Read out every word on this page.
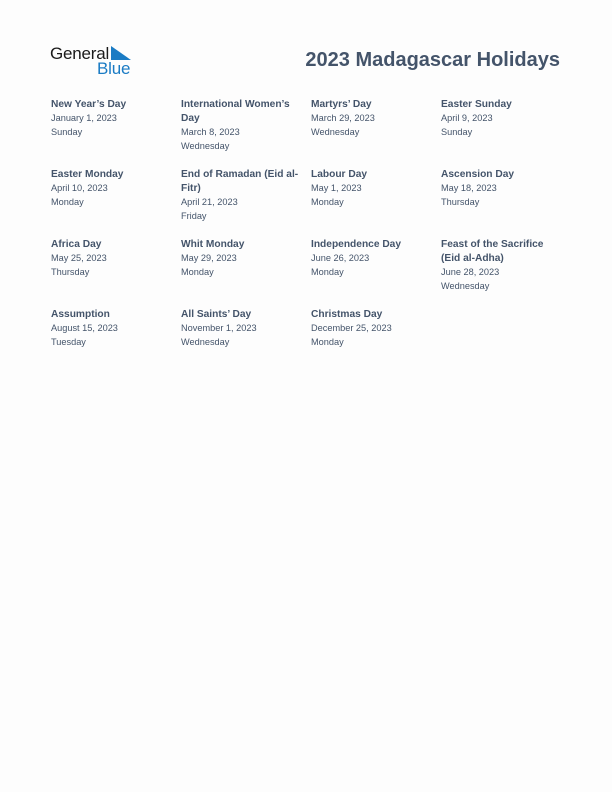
General
Blue	2023 Madagascar Holidays
New Year’s Day
January 1, 2023
Sunday
International Women’s Day
March 8, 2023
Wednesday
Martyrs’ Day
March 29, 2023
Wednesday
Easter Sunday
April 9, 2023
Sunday
Easter Monday
April 10, 2023
Monday
End of Ramadan (Eid al-Fitr)
April 21, 2023
Friday
Labour Day
May 1, 2023
Monday
Ascension Day
May 18, 2023
Thursday
Africa Day
May 25, 2023
Thursday
Whit Monday
May 29, 2023
Monday
Independence Day
June 26, 2023
Monday
Feast of the Sacrifice (Eid al-Adha)
June 28, 2023
Wednesday
Assumption
August 15, 2023
Tuesday
All Saints’ Day
November 1, 2023
Wednesday
Christmas Day
December 25, 2023
Monday
